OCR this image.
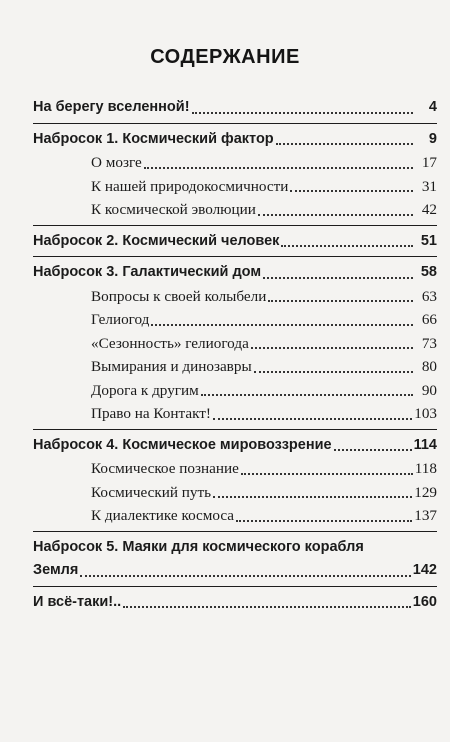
СОДЕРЖАНИЕ
На берегу вселенной!	4
Набросок 1. Космический фактор	9
О мозге	17
К нашей природокосмичности	31
К космической эволюции	42
Набросок 2. Космический человек	51
Набросок 3. Галактический дом	58
Вопросы к своей колыбели	63
Гелиогод	66
«Сезонность» гелиогода	73
Вымирания и динозавры	80
Дорога к другим	90
Право на Контакт!	103
Набросок 4. Космическое мировоззрение	114
Космическое познание	118
Космический путь	129
К диалектике космоса	137
Набросок 5. Маяки для космического корабля
Земля	142
И всё-таки!..	160
